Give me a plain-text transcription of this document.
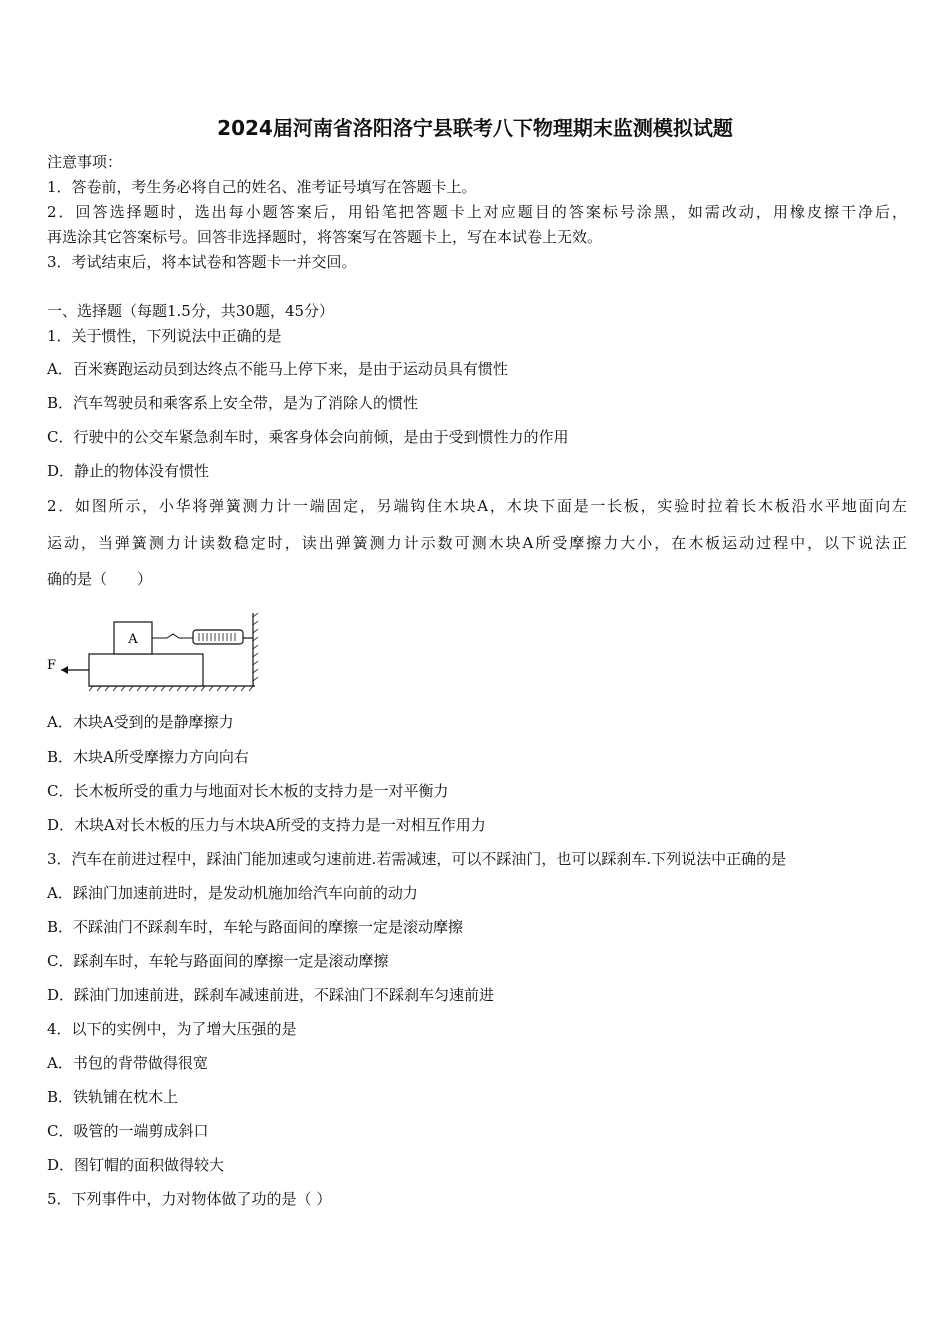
2024届河南省洛阳洛宁县联考八下物理期末监测模拟试题
注意事项：
1．答卷前，考生务必将自己的姓名、准考证号填写在答题卡上。
2．回答选择题时，选出每小题答案后，用铅笔把答题卡上对应题目的答案标号涂黑，如需改动，用橡皮擦干净后，
再选涂其它答案标号。回答非选择题时，将答案写在答题卡上，写在本试卷上无效。
3．考试结束后，将本试卷和答题卡一并交回。
一、选择题（每题1.5分，共30题，45分）
1．关于惯性，下列说法中正确的是
A．百米赛跑运动员到达终点不能马上停下来，是由于运动员具有惯性
B．汽车驾驶员和乘客系上安全带，是为了消除人的惯性
C．行驶中的公交车紧急刹车时，乘客身体会向前倾，是由于受到惯性力的作用
D．静止的物体没有惯性
2．如图所示，小华将弹簧测力计一端固定，另端钩住木块A，木块下面是一长板，实验时拉着长木板沿水平地面向左
运动，当弹簧测力计读数稳定时，读出弹簧测力计示数可测木块A所受摩擦力大小，在木板运动过程中，以下说法正
确的是（　　）
A
F
A．木块A受到的是静摩擦力
B．木块A所受摩擦力方向向右
C．长木板所受的重力与地面对长木板的支持力是一对平衡力
D．木块A对长木板的压力与木块A所受的支持力是一对相互作用力
3．汽车在前进过程中，踩油门能加速或匀速前进.若需减速，可以不踩油门，也可以踩刹车.下列说法中正确的是
A．踩油门加速前进时，是发动机施加给汽车向前的动力
B．不踩油门不踩刹车时，车轮与路面间的摩擦一定是滚动摩擦
C．踩刹车时，车轮与路面间的摩擦一定是滚动摩擦
D．踩油门加速前进，踩刹车减速前进，不踩油门不踩刹车匀速前进
4．以下的实例中，为了增大压强的是
A．书包的背带做得很宽
B．铁轨铺在枕木上
C．吸管的一端剪成斜口
D．图钉帽的面积做得较大
5．下列事件中，力对物体做了功的是（ ）
